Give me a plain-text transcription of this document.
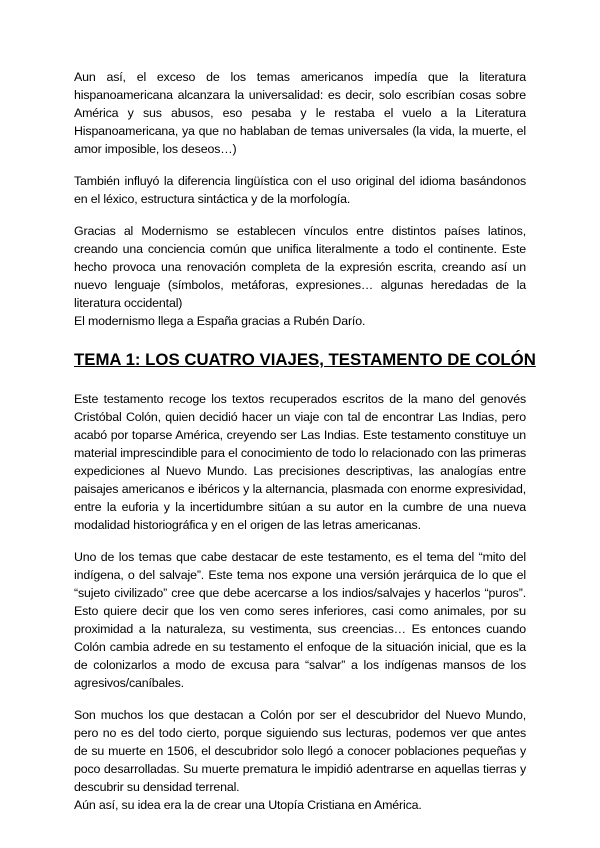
Aun así, el exceso de los temas americanos impedía que la literatura hispanoamericana alcanzara la universalidad: es decir, solo escribían cosas sobre América y sus abusos, eso pesaba y le restaba el vuelo a la Literatura Hispanoamericana, ya que no hablaban de temas universales (la vida, la muerte, el amor imposible, los deseos…)

También influyó la diferencia lingüística con el uso original del idioma basándonos en el léxico, estructura sintáctica y de la morfología.

Gracias al Modernismo se establecen vínculos entre distintos países latinos, creando una conciencia común que unifica literalmente a todo el continente. Este hecho provoca una renovación completa de la expresión escrita, creando así un nuevo lenguaje (símbolos, metáforas, expresiones… algunas heredadas de la literatura occidental)

El modernismo llega a España gracias a Rubén Darío.

TEMA 1: LOS CUATRO VIAJES, TESTAMENTO DE COLÓN

Este testamento recoge los textos recuperados escritos de la mano del genovés Cristóbal Colón, quien decidió hacer un viaje con tal de encontrar Las Indias, pero acabó por toparse América, creyendo ser Las Indias. Este testamento constituye un material imprescindible para el conocimiento de todo lo relacionado con las primeras expediciones al Nuevo Mundo. Las precisiones descriptivas, las analogías entre paisajes americanos e ibéricos y la alternancia, plasmada con enorme expresividad, entre la euforia y la incertidumbre sitúan a su autor en la cumbre de una nueva modalidad historiográfica y en el origen de las letras americanas.

Uno de los temas que cabe destacar de este testamento, es el tema del “mito del indígena, o del salvaje”. Este tema nos expone una versión jerárquica de lo que el “sujeto civilizado” cree que debe acercarse a los indios/salvajes y hacerlos “puros”. Esto quiere decir que los ven como seres inferiores, casi como animales, por su proximidad a la naturaleza, su vestimenta, sus creencias… Es entonces cuando Colón cambia adrede en su testamento el enfoque de la situación inicial, que es la de colonizarlos a modo de excusa para “salvar” a los indígenas mansos de los agresivos/caníbales.

Son muchos los que destacan a Colón por ser el descubridor del Nuevo Mundo, pero no es del todo cierto, porque siguiendo sus lecturas, podemos ver que antes de su muerte en 1506, el descubridor solo llegó a conocer poblaciones pequeñas y poco desarrolladas. Su muerte prematura le impidió adentrarse en aquellas tierras y descubrir su densidad terrenal.

Aún así, su idea era la de crear una Utopía Cristiana en América.
